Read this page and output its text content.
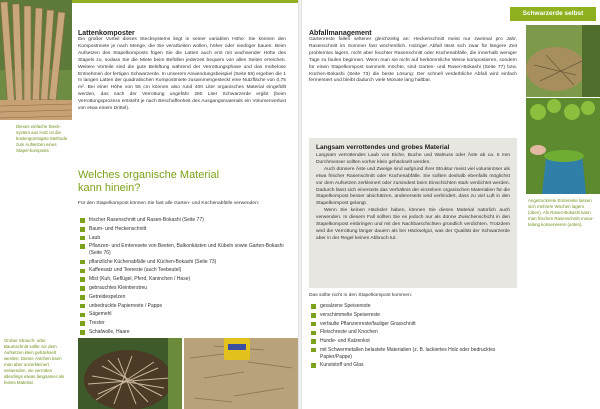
Dieses einfache Steck-system aus Holz ist die kostengünstigste Methode zum Aufsetzen eines Stapel-komposts.
Lattenkomposter
Ein großer Vorteil dieses Stecksystems liegt in seiner variablen Höhe: Sie können den Kompostmiete je nach Menge, die Sie verarbeiten wollen, höher oder niedriger bauen. Beim Aufsetzen des Stapelkomposts fügen Sie die Latten auch erst mit wachsender Höhe des Stapels zu, sodass Sie die Miete beim Befüllen jederzeit bequem von allen Seiten erreichen. Weitere Vorteile sind die gute Belüftung während der Verrottungsphase und das mühelose Entnehmen der fertigen Schwarzerde. In unserem Anwendungsbeispiel (Seite 58) ergeben die 1 m langen Latten der quadratischen Kompostmiete zusammengesteckt eine Nutzfläche von 0,75 m². Bei einer Höhe von 55 cm können also rund 400 Liter organisches Material eingefüllt werden, das nach der Verrottung ungefähr 280 Liter Schwarzerde ergibt (beim Verrottungsprozess entsteht je nach Beschaffenheit des Ausgangsmaterials ein Volumenverlust von etwa einem Drittel).
Welches organische Material
kann hinein?
Für den Stapelkompost können Sie fast alle Garten- und Küchenabfälle verwenden:
frischer Rasenschnitt und Rasen-Bokashi (Seite 77)
Baum- und Heckenschnitt
Laub
Pflanzen- und Ernteresete von Beeten, Balkonkästen und Kübeln sowie Garten-Bokashi (Seite 76)
pflanzliche Küchenabfälle und Küchen-Bokashi (Seite 73)
Kaffeesatz und Teereste (auch Teebeutel)
Mist (Kuh, Geflügel, Pferd, Kaninchen / Hase)
gebrauchtes Kleintierstreu
Getreidespelzen
unbedruckte Papierreste / Pappe
Sägemehl
Trester
Schafwolle, Haare
Grober Strauch- oder Baumschnitt sollte vor dem Aufsetzen klein gehäckselt werden. Dünne Ästchen kann man aber unzerkleinert verwenden, sie verrotten allerdings etwas langsamer als feines Material.
Schwarzerde selbst
Abfallmanagement
Gartenreste fallen seltener gleichzeitig an: Heckenschnitt meist nur zweimal pro Jahr, Rasenschnitt im Sommer fast wöchentlich. Holziger Abfall lässt sich zwar für längere Zeit problemlos lagern, nicht aber feuchter Rasenschnitt oder Küchenabfälle, die innerhalb weniger Tage zu faulen beginnen. Wenn man sie nicht auf herkömmliche Weise kompostieren, sondern für einen Stapelkompost sammeln möchte, sind Garten- und Rasen-Bokashi (Seite 77) bzw. Küchen-Bokashi (Seite 73) die beste Lösung: Der schnell verderbliche Abfall wird einfach fermentiert und bleibt dadurch viele Monate lang haltbar.
Langsam verrottendes und grobes Material
Langsam verrottendes Laub von Eiche, Buche und Walnuss oder Äste ab ca. 5 mm Durchmesser sollten vorher klein gehäckselt werden.
Auch dünnere Äste und Zweige sind aufgrund ihrer Struktur meist viel voluminöser als etwa frischer Rasenschnitt oder Küchenabfälle. Sie sollten deshalb ebenfalls möglichst vor dem Aufsetzen zerkleinert oder zumindest beim Einschichten stark verdichtet werden. Dadurch lässt sich einerseits das Verhältnis der einzelnen organischen Materialien für die Stapelkompost besser abschätzen, andererseits wird verhindert, dass zu viel Luft in den Stapelkompost gelangt.
Wenn Sie keinen Häcksler haben, können Sie dieses Material natürlich auch verwenden. In diesem Fall sollten Sie es jedoch nur als dünne Zwischenschicht in den Stapelkompost einbringen und mit den Nachbarschichten gründlich verdichten. Trotzdem wird die Verrottung länger dauern als bei Häckselgut, was der Qualität der Schwarzerde aber in der Regel keinen Abbruch tut.
Das sollte nicht in den Stapelkompost kommen:
gesalzene Speisereste
verschimmelte Speisereste
verfaulte Pflanzenreste/fauliger Grasschnitt
Fleischreste und Knochen
Hunde- und Katzenkot
mit Schwermetallen belastete Materialien (z. B. lackiertes Holz oder bedrucktes Papier/Pappe)
Kunststoff und Glas
Angetrocknete Erntereste lassen sich mehrere Wochen lagern (oben). Als Rasen-Bokashi kann man frischen Rasenschnitt mona-telang konservieren (unten).
